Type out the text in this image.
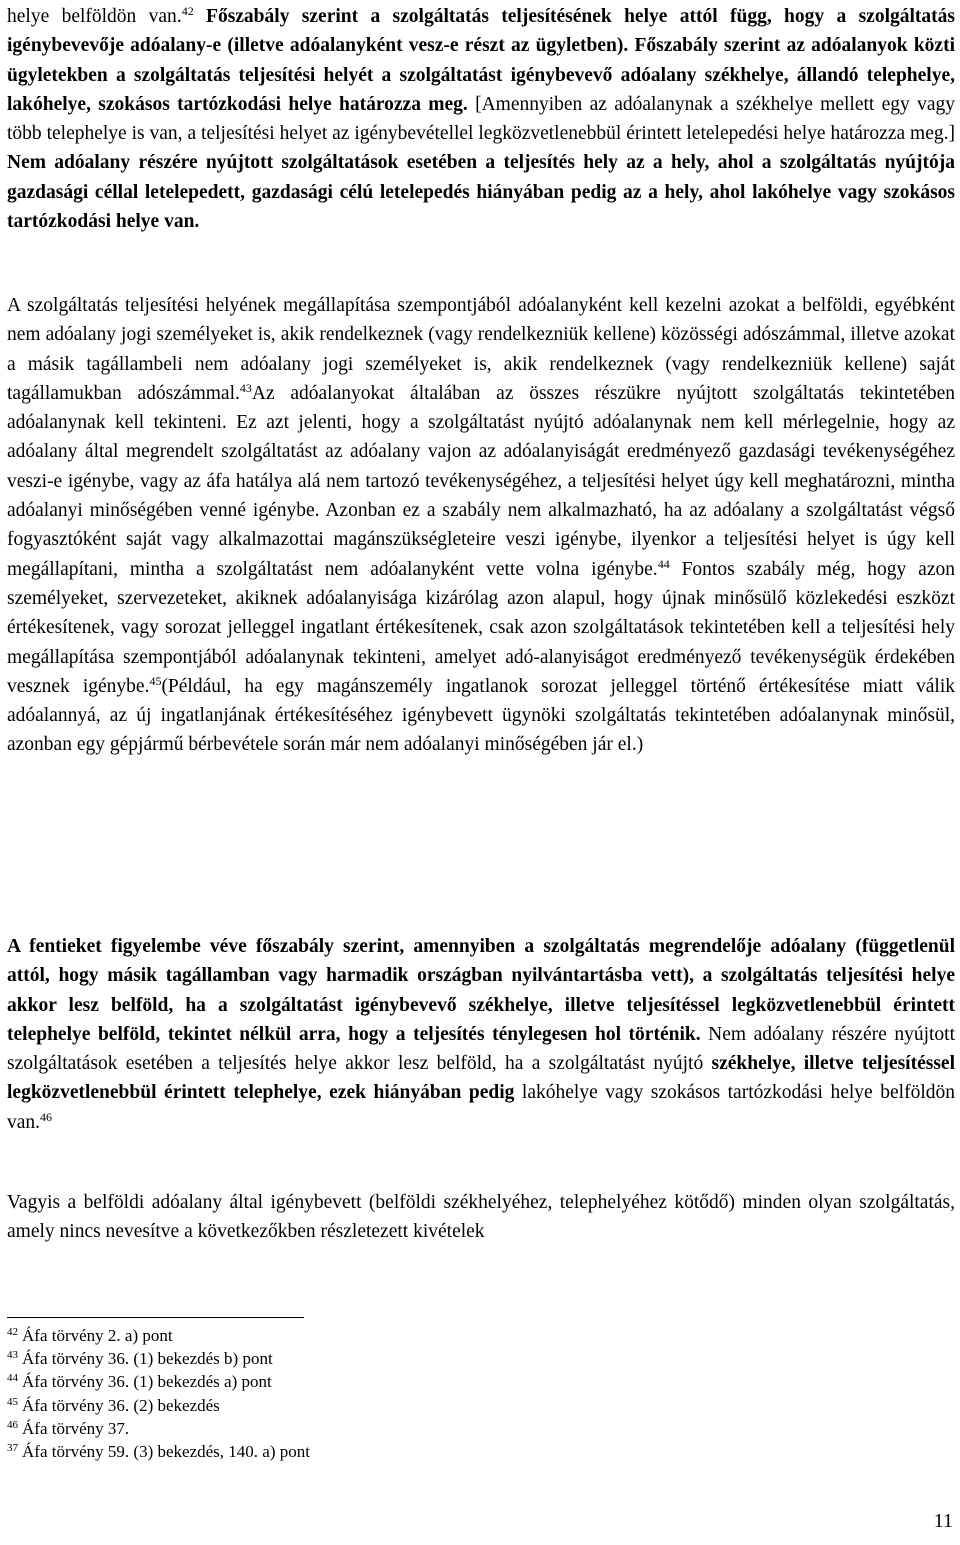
helye belföldön van.$^{42}$ Főszabály szerint a szolgáltatás teljesítésének helye attól függ, hogy a szolgáltatás igénybevevője adóalany-e (illetve adóalanyként vesz-e részt az ügyletben). Főszabály szerint az adóalanyok közti ügyletekben a szolgáltatás teljesítési helyét a szolgáltatást igénybevevő adóalany székhelye, állandó telephelye, lakóhelye, szokásos tartózkodási helye határozza meg. [Amennyiben az adóalanynak a székhelye mellett egy vagy több telephelye is van, a teljesítési helyet az igénybevétellel legközvetlenebbül érintett letelepedési helye határozza meg.] Nem adóalany részére nyújtott szolgáltatások esetében a teljesítés hely az a hely, ahol a szolgáltatás nyújtója gazdasági céllal letelepedett, gazdasági célú letelepedés hiányában pedig az a hely, ahol lakóhelye vagy szokásos tartózkodási helye van.

A szolgáltatás teljesítési helyének megállapítása szempontjából adóalanyként kell kezelni azokat a belföldi, egyébként nem adóalany jogi személyeket is, akik rendelkeznek (vagy rendelkezniük kellene) közösségi adószámmal, illetve azokat a másik tagállambeli nem adóalany jogi személyeket is, akik rendelkeznek (vagy rendelkezniük kellene) saját tagállamukban adószámmal.$^{43}$Az adóalanyokat általában az összes részükre nyújtott szolgáltatás tekintetében adóalanynak kell tekinteni. Ez azt jelenti, hogy a szolgáltatást nyújtó adóalanynak nem kell mérlegelnie, hogy az adóalany által megrendelt szolgáltatást az adóalany vajon az adóalanyiságát eredményező gazdasági tevékenységéhez veszi-e igénybe, vagy az áfa hatálya alá nem tartozó tevékenységéhez, a teljesítési helyet úgy kell meghatározni, mintha adóalanyi minőségében venné igénybe. Azonban ez a szabály nem alkalmazható, ha az adóalany a szolgáltatást végső fogyasztóként saját vagy alkalmazottai magánszükségleteire veszi igénybe, ilyenkor a teljesítési helyet is úgy kell megállapítani, mintha a szolgáltatást nem adóalanyként vette volna igénybe.$^{44}$ Fontos szabály még, hogy azon személyeket, szervezeteket, akiknek adóalanyisága kizárólag azon alapul, hogy újnak minősülő közlekedési eszközt értékesítenek, vagy sorozat jelleggel ingatlant értékesítenek, csak azon szolgáltatások tekintetében kell a teljesítési hely megállapítása szempontjából adóalanynak tekinteni, amelyet adó-alanyiságot eredményező tevékenységük érdekében vesznek igénybe.$^{45}$(Például, ha egy magánszemély ingatlanok sorozat jelleggel történő értékesítése miatt válik adóalannyá, az új ingatlanjának értékesítéséhez igénybevett ügynöki szolgáltatás tekintetében adóalanynak minősül, azonban egy gépjármű bérbevétele során már nem adóalanyi minőségében jár el.)

A fentieket figyelembe véve főszabály szerint, amennyiben a szolgáltatás megrendelője adóalany (függetlenül attól, hogy másik tagállamban vagy harmadik országban nyilvántartásba vett), a szolgáltatás teljesítési helye akkor lesz belföld, ha a szolgáltatást igénybevevő székhelye, illetve teljesítéssel legközvetlenebbül érintett telephelye belföld, tekintet nélkül arra, hogy a teljesítés ténylegesen hol történik. Nem adóalany részére nyújtott szolgáltatások esetében a teljesítés helye akkor lesz belföld, ha a szolgáltatást nyújtó székhelye, illetve teljesítéssel legközvetlenebbül érintett telephelye, ezek hiányában pedig lakóhelye vagy szokásos tartózkodási helye belföldön van.$^{46}$

Vagyis a belföldi adóalany által igénybevett (belföldi székhelyéhez, telephelyéhez kötődő) minden olyan szolgáltatás, amely nincs nevesítve a következőkben részletezett kivételek

$^{42}$ Áfa törvény 2. a) pont
$^{43}$ Áfa törvény 36. (1) bekezdés b) pont
$^{44}$ Áfa törvény 36. (1) bekezdés a) pont
$^{45}$ Áfa törvény 36. (2) bekezdés
$^{46}$ Áfa törvény 37.
$^{37}$ Áfa törvény 59. (3) bekezdés, 140. a) pont
11
